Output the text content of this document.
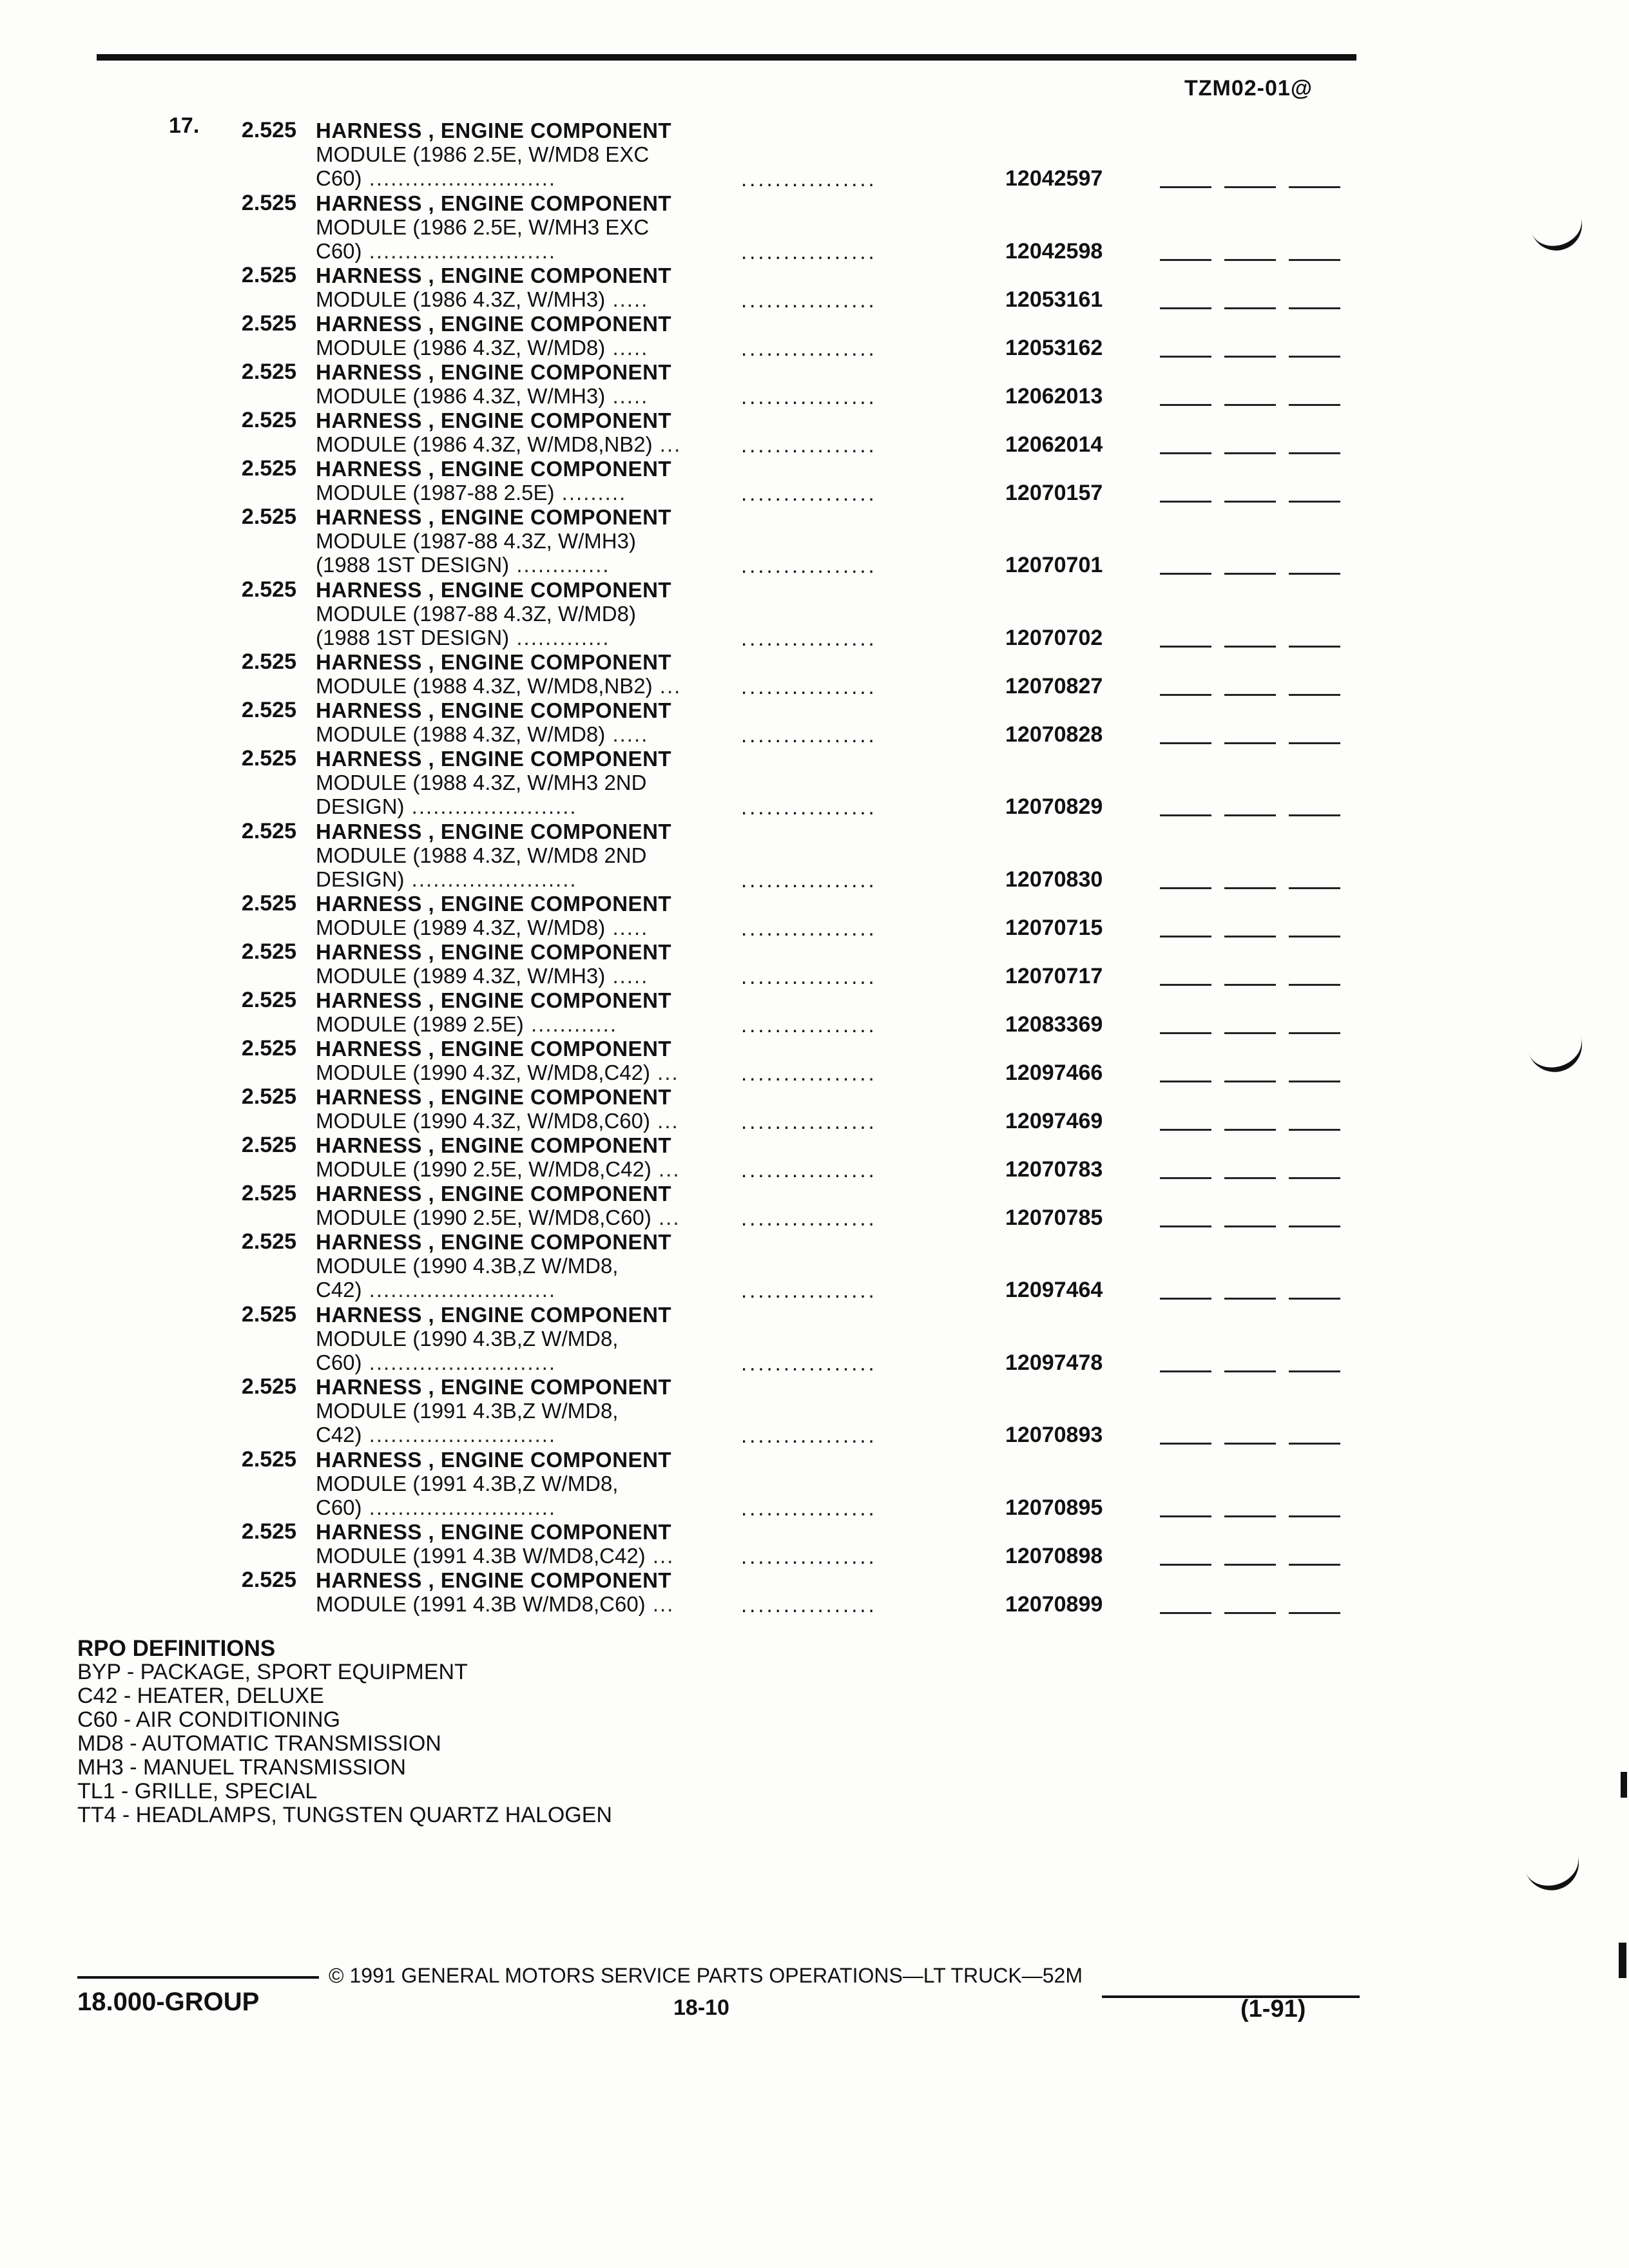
TZM02-01@
17.	2.525 HARNESS , ENGINE COMPONENT
MODULE (1986 2.5E, W/MD8 EXC
C60) ..........................	................	12042597
2.525 HARNESS , ENGINE COMPONENT
MODULE (1986 2.5E, W/MH3 EXC
C60) ..........................	................	12042598
2.525 HARNESS , ENGINE COMPONENT
MODULE (1986 4.3Z, W/MH3) .....	................	12053161
2.525 HARNESS , ENGINE COMPONENT
MODULE (1986 4.3Z, W/MD8) .....	................	12053162
2.525 HARNESS , ENGINE COMPONENT
MODULE (1986 4.3Z, W/MH3) .....	................	12062013
2.525 HARNESS , ENGINE COMPONENT
MODULE (1986 4.3Z, W/MD8,NB2) ...	................	12062014
2.525 HARNESS , ENGINE COMPONENT
MODULE (1987-88 2.5E) .........	................	12070157
2.525 HARNESS , ENGINE COMPONENT
MODULE (1987-88 4.3Z, W/MH3)
(1988 1ST DESIGN) .............	................	12070701
2.525 HARNESS , ENGINE COMPONENT
MODULE (1987-88 4.3Z, W/MD8)
(1988 1ST DESIGN) .............	................	12070702
2.525 HARNESS , ENGINE COMPONENT
MODULE (1988 4.3Z, W/MD8,NB2) ...	................	12070827
2.525 HARNESS , ENGINE COMPONENT
MODULE (1988 4.3Z, W/MD8) .....	................	12070828
2.525 HARNESS , ENGINE COMPONENT
MODULE (1988 4.3Z, W/MH3 2ND
DESIGN) .......................	................	12070829
2.525 HARNESS , ENGINE COMPONENT
MODULE (1988 4.3Z, W/MD8 2ND
DESIGN) .......................	................	12070830
2.525 HARNESS , ENGINE COMPONENT
MODULE (1989 4.3Z, W/MD8) .....	................	12070715
2.525 HARNESS , ENGINE COMPONENT
MODULE (1989 4.3Z, W/MH3) .....	................	12070717
2.525 HARNESS , ENGINE COMPONENT
MODULE (1989 2.5E) ............	................	12083369
2.525 HARNESS , ENGINE COMPONENT
MODULE (1990 4.3Z, W/MD8,C42) ...	................	12097466
2.525 HARNESS , ENGINE COMPONENT
MODULE (1990 4.3Z, W/MD8,C60) ...	................	12097469
2.525 HARNESS , ENGINE COMPONENT
MODULE (1990 2.5E, W/MD8,C42) ...	................	12070783
2.525 HARNESS , ENGINE COMPONENT
MODULE (1990 2.5E, W/MD8,C60) ...	................	12070785
2.525 HARNESS , ENGINE COMPONENT
MODULE (1990 4.3B,Z W/MD8,
C42) ..........................	................	12097464
2.525 HARNESS , ENGINE COMPONENT
MODULE (1990 4.3B,Z W/MD8,
C60) ..........................	................	12097478
2.525 HARNESS , ENGINE COMPONENT
MODULE (1991 4.3B,Z W/MD8,
C42) ..........................	................	12070893
2.525 HARNESS , ENGINE COMPONENT
MODULE (1991 4.3B,Z W/MD8,
C60) ..........................	................	12070895
2.525 HARNESS , ENGINE COMPONENT
MODULE (1991 4.3B W/MD8,C42) ...	................	12070898
2.525 HARNESS , ENGINE COMPONENT
MODULE (1991 4.3B W/MD8,C60) ...	................	12070899
RPO DEFINITIONS
BYP - PACKAGE, SPORT EQUIPMENT
C42 - HEATER, DELUXE
C60 - AIR CONDITIONING
MD8 - AUTOMATIC TRANSMISSION
MH3 - MANUEL TRANSMISSION
TL1 - GRILLE, SPECIAL
TT4 - HEADLAMPS, TUNGSTEN QUARTZ HALOGEN
© 1991 GENERAL MOTORS SERVICE PARTS OPERATIONS—LT TRUCK—52M
18.000-GROUP	18-10	(1-91)
